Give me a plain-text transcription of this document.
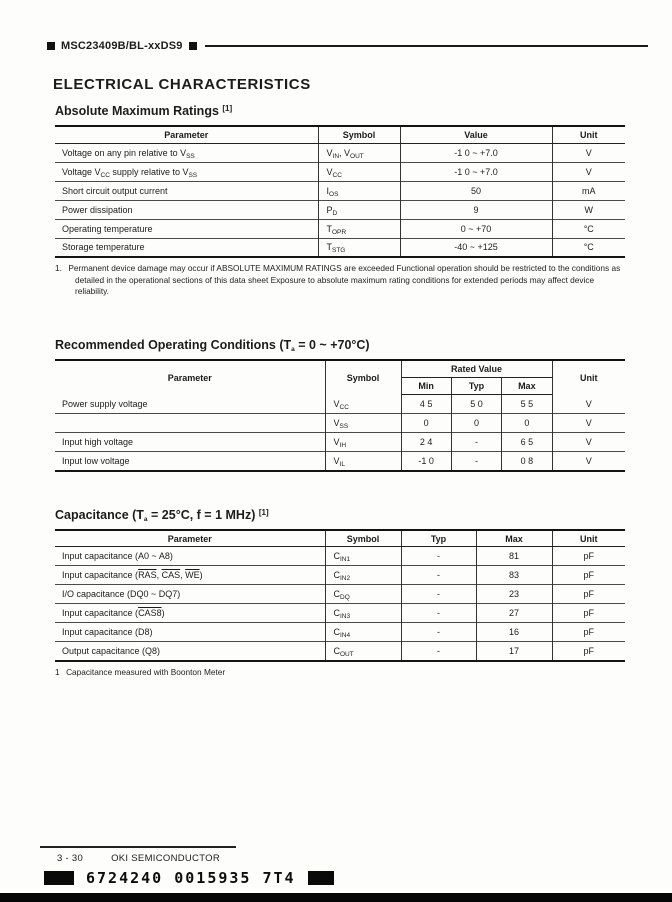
MSC23409B/BL-xxDS9
ELECTRICAL CHARACTERISTICS
Absolute Maximum Ratings [1]
Parameter	Symbol	Value	Unit
Voltage on any pin relative to $V_{SS}$	$V_{IN}$, $V_{OUT}$	-1 0 ~ +7.0	V
Voltage $V_{CC}$ supply relative to $V_{SS}$	$V_{CC}$	-1 0 ~ +7.0	V
Short circuit output current	$I_{OS}$	50	mA
Power dissipation	$P_D$	9	W
Operating temperature	$T_{OPR}$	0 ~ +70	°C
Storage temperature	$T_{STG}$	-40 ~ +125	°C

1.  Permanent device damage may occur if ABSOLUTE MAXIMUM RATINGS are exceeded Functional operation should be restricted to the conditions as detailed in the operational sections of this data sheet Exposure to absolute maximum rating conditions for extended periods may affect device reliability.

Recommended Operating Conditions ($T_a = 0$ ~ +70°C)
Parameter	Symbol	Rated Value			Unit
		Min	Typ	Max	
Power supply voltage	$V_{CC}$	4 5	5 0	5 5	V
	$V_{SS}$	0	0	0	V
Input high voltage	$V_{IH}$	2 4	-	6 5	V
Input low voltage	$V_{IL}$	-1 0	-	0 8	V
Capacitance ($T_a = 25^\circ C$, f = 1 MHz) [1]
Parameter	Symbol	Typ	Max	Unit
Input capacitance (A0 ~ A8)	$C_{IN1}$	-	81	pF
Input capacitance ($\overline{RAS}$, $\overline{CAS}$, $\overline{WE}$)	$C_{IN2}$	-	83	pF
I/O capacitance (DQ0 ~ DQ7)	$C_{DQ}$	-	23	pF
Input capacitance (CAS8)	$C_{IN3}$	-	27	pF
Input capacitance (D8)	$C_{IN4}$	-	16	pF
Output capacitance (Q8)	$C_{OUT}$	-	17	pF

1  Capacitance measured with Boonton Meter

3 - 30	OKI SEMICONDUCTOR
6724240 0015935 7T4
